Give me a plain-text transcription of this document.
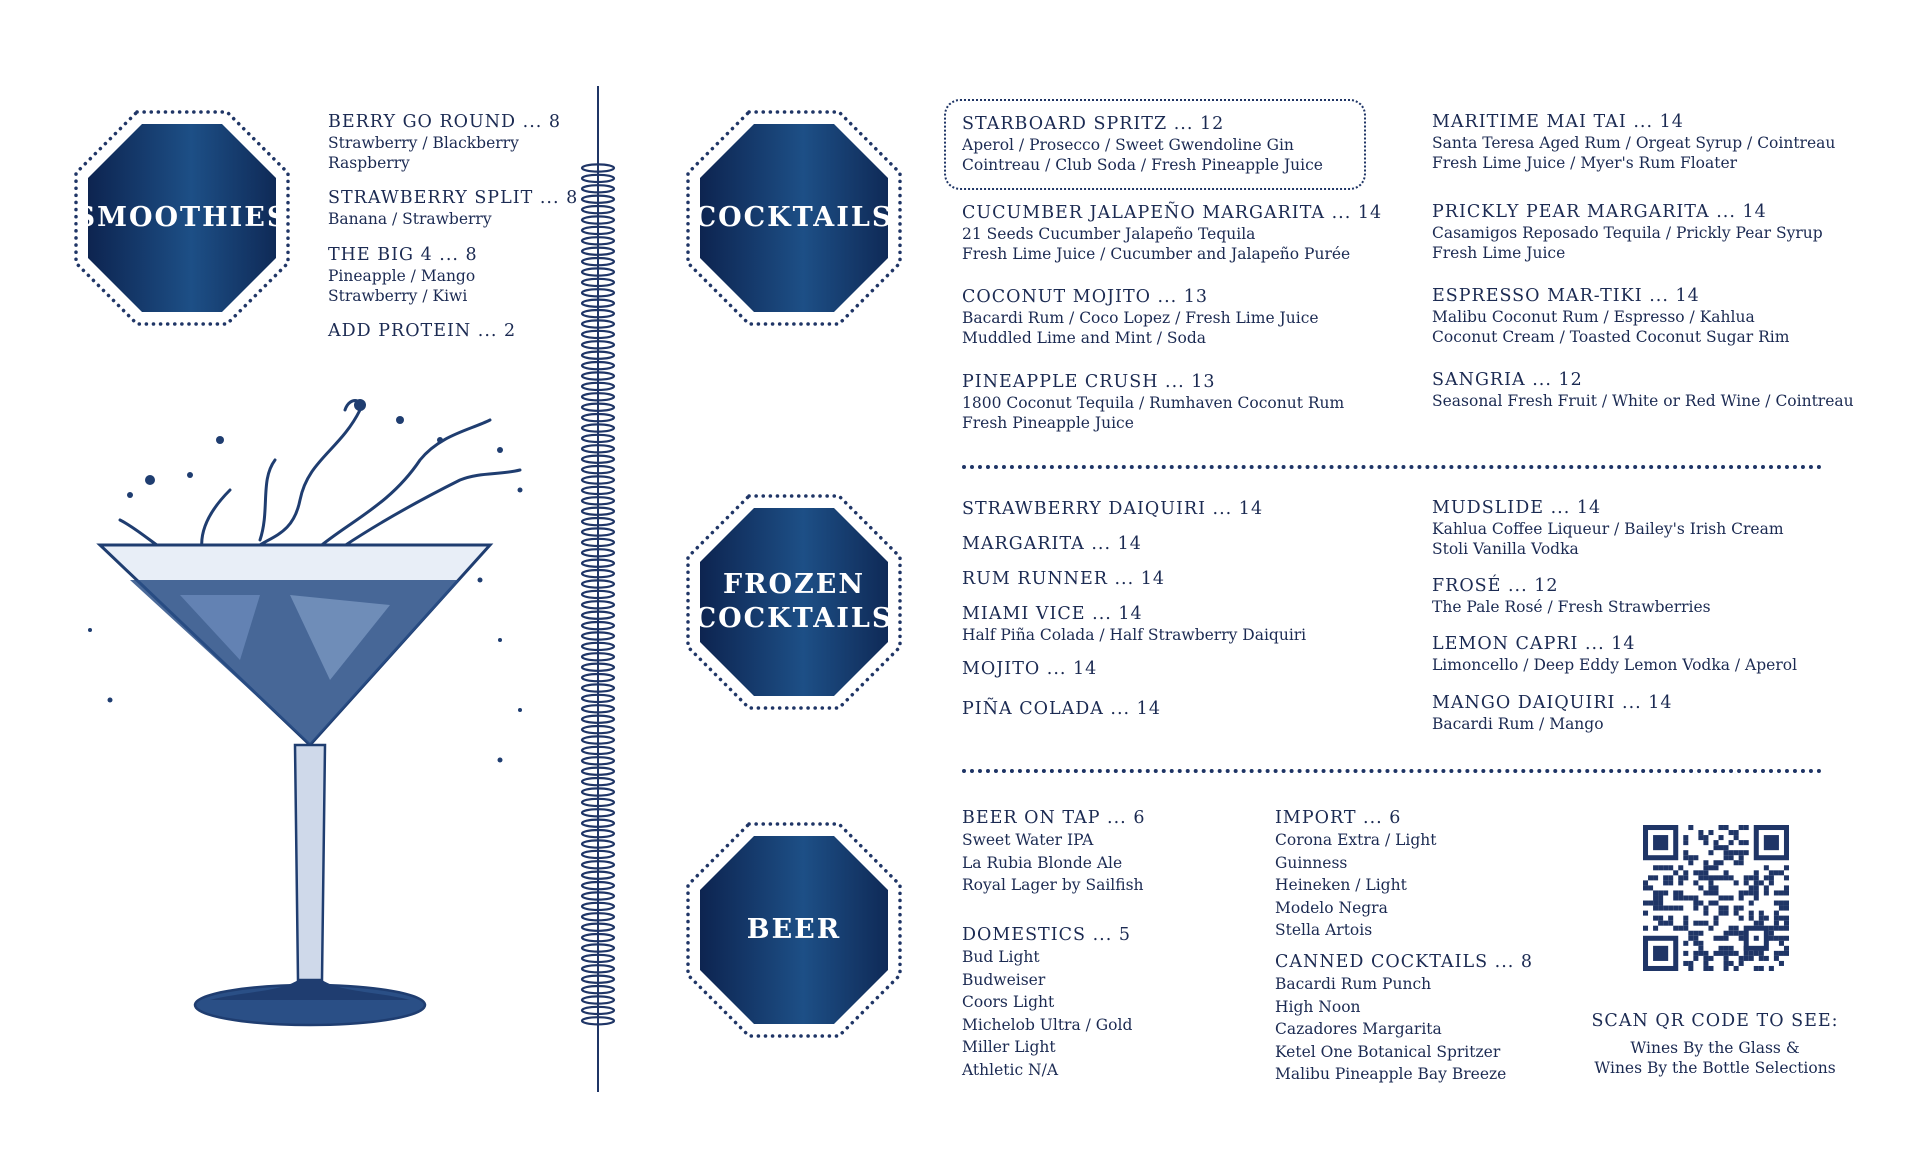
SMOOTHIES
BERRY GO ROUND ... 8
Strawberry / Blackberry
Raspberry
STRAWBERRY SPLIT ... 8
Banana / Strawberry
THE BIG 4 ... 8
Pineapple / Mango
Strawberry / Kiwi
ADD PROTEIN ... 2
COCKTAILS
STARBOARD SPRITZ ... 12
Aperol / Prosecco / Sweet Gwendoline Gin
Cointreau / Club Soda / Fresh Pineapple Juice
CUCUMBER JALAPEÑO MARGARITA ... 14
21 Seeds Cucumber Jalapeño Tequila
Fresh Lime Juice / Cucumber and Jalapeño Purée
COCONUT MOJITO ... 13
Bacardi Rum / Coco Lopez / Fresh Lime Juice
Muddled Lime and Mint / Soda
PINEAPPLE CRUSH ... 13
1800 Coconut Tequila / Rumhaven Coconut Rum
Fresh Pineapple Juice
MARITIME MAI TAI ... 14
Santa Teresa Aged Rum / Orgeat Syrup / Cointreau
Fresh Lime Juice / Myer's Rum Floater
PRICKLY PEAR MARGARITA ... 14
Casamigos Reposado Tequila / Prickly Pear Syrup
Fresh Lime Juice
ESPRESSO MAR-TIKI ... 14
Malibu Coconut Rum / Espresso / Kahlua
Coconut Cream / Toasted Coconut Sugar Rim
SANGRIA ... 12
Seasonal Fresh Fruit / White or Red Wine / Cointreau
FROZEN
COCKTAILS
STRAWBERRY DAIQUIRI ... 14
MARGARITA ... 14
RUM RUNNER ... 14
MIAMI VICE ... 14
Half Piña Colada / Half Strawberry Daiquiri
MOJITO ... 14
PIÑA COLADA ... 14
MUDSLIDE ... 14
Kahlua Coffee Liqueur / Bailey's Irish Cream
Stoli Vanilla Vodka
FROSÉ ... 12
The Pale Rosé / Fresh Strawberries
LEMON CAPRI ... 14
Limoncello / Deep Eddy Lemon Vodka / Aperol
MANGO DAIQUIRI ... 14
Bacardi Rum / Mango
BEER
BEER ON TAP ... 6
Sweet Water IPA
La Rubia Blonde Ale
Royal Lager by Sailfish
DOMESTICS ... 5
Bud Light
Budweiser
Coors Light
Michelob Ultra / Gold
Miller Light
Athletic N/A
IMPORT ... 6
Corona Extra / Light
Guinness
Heineken / Light
Modelo Negra
Stella Artois
CANNED COCKTAILS ... 8
Bacardi Rum Punch
High Noon
Cazadores Margarita
Ketel One Botanical Spritzer
Malibu Pineapple Bay Breeze
SCAN QR CODE TO SEE:
Wines By the Glass &
Wines By the Bottle Selections
